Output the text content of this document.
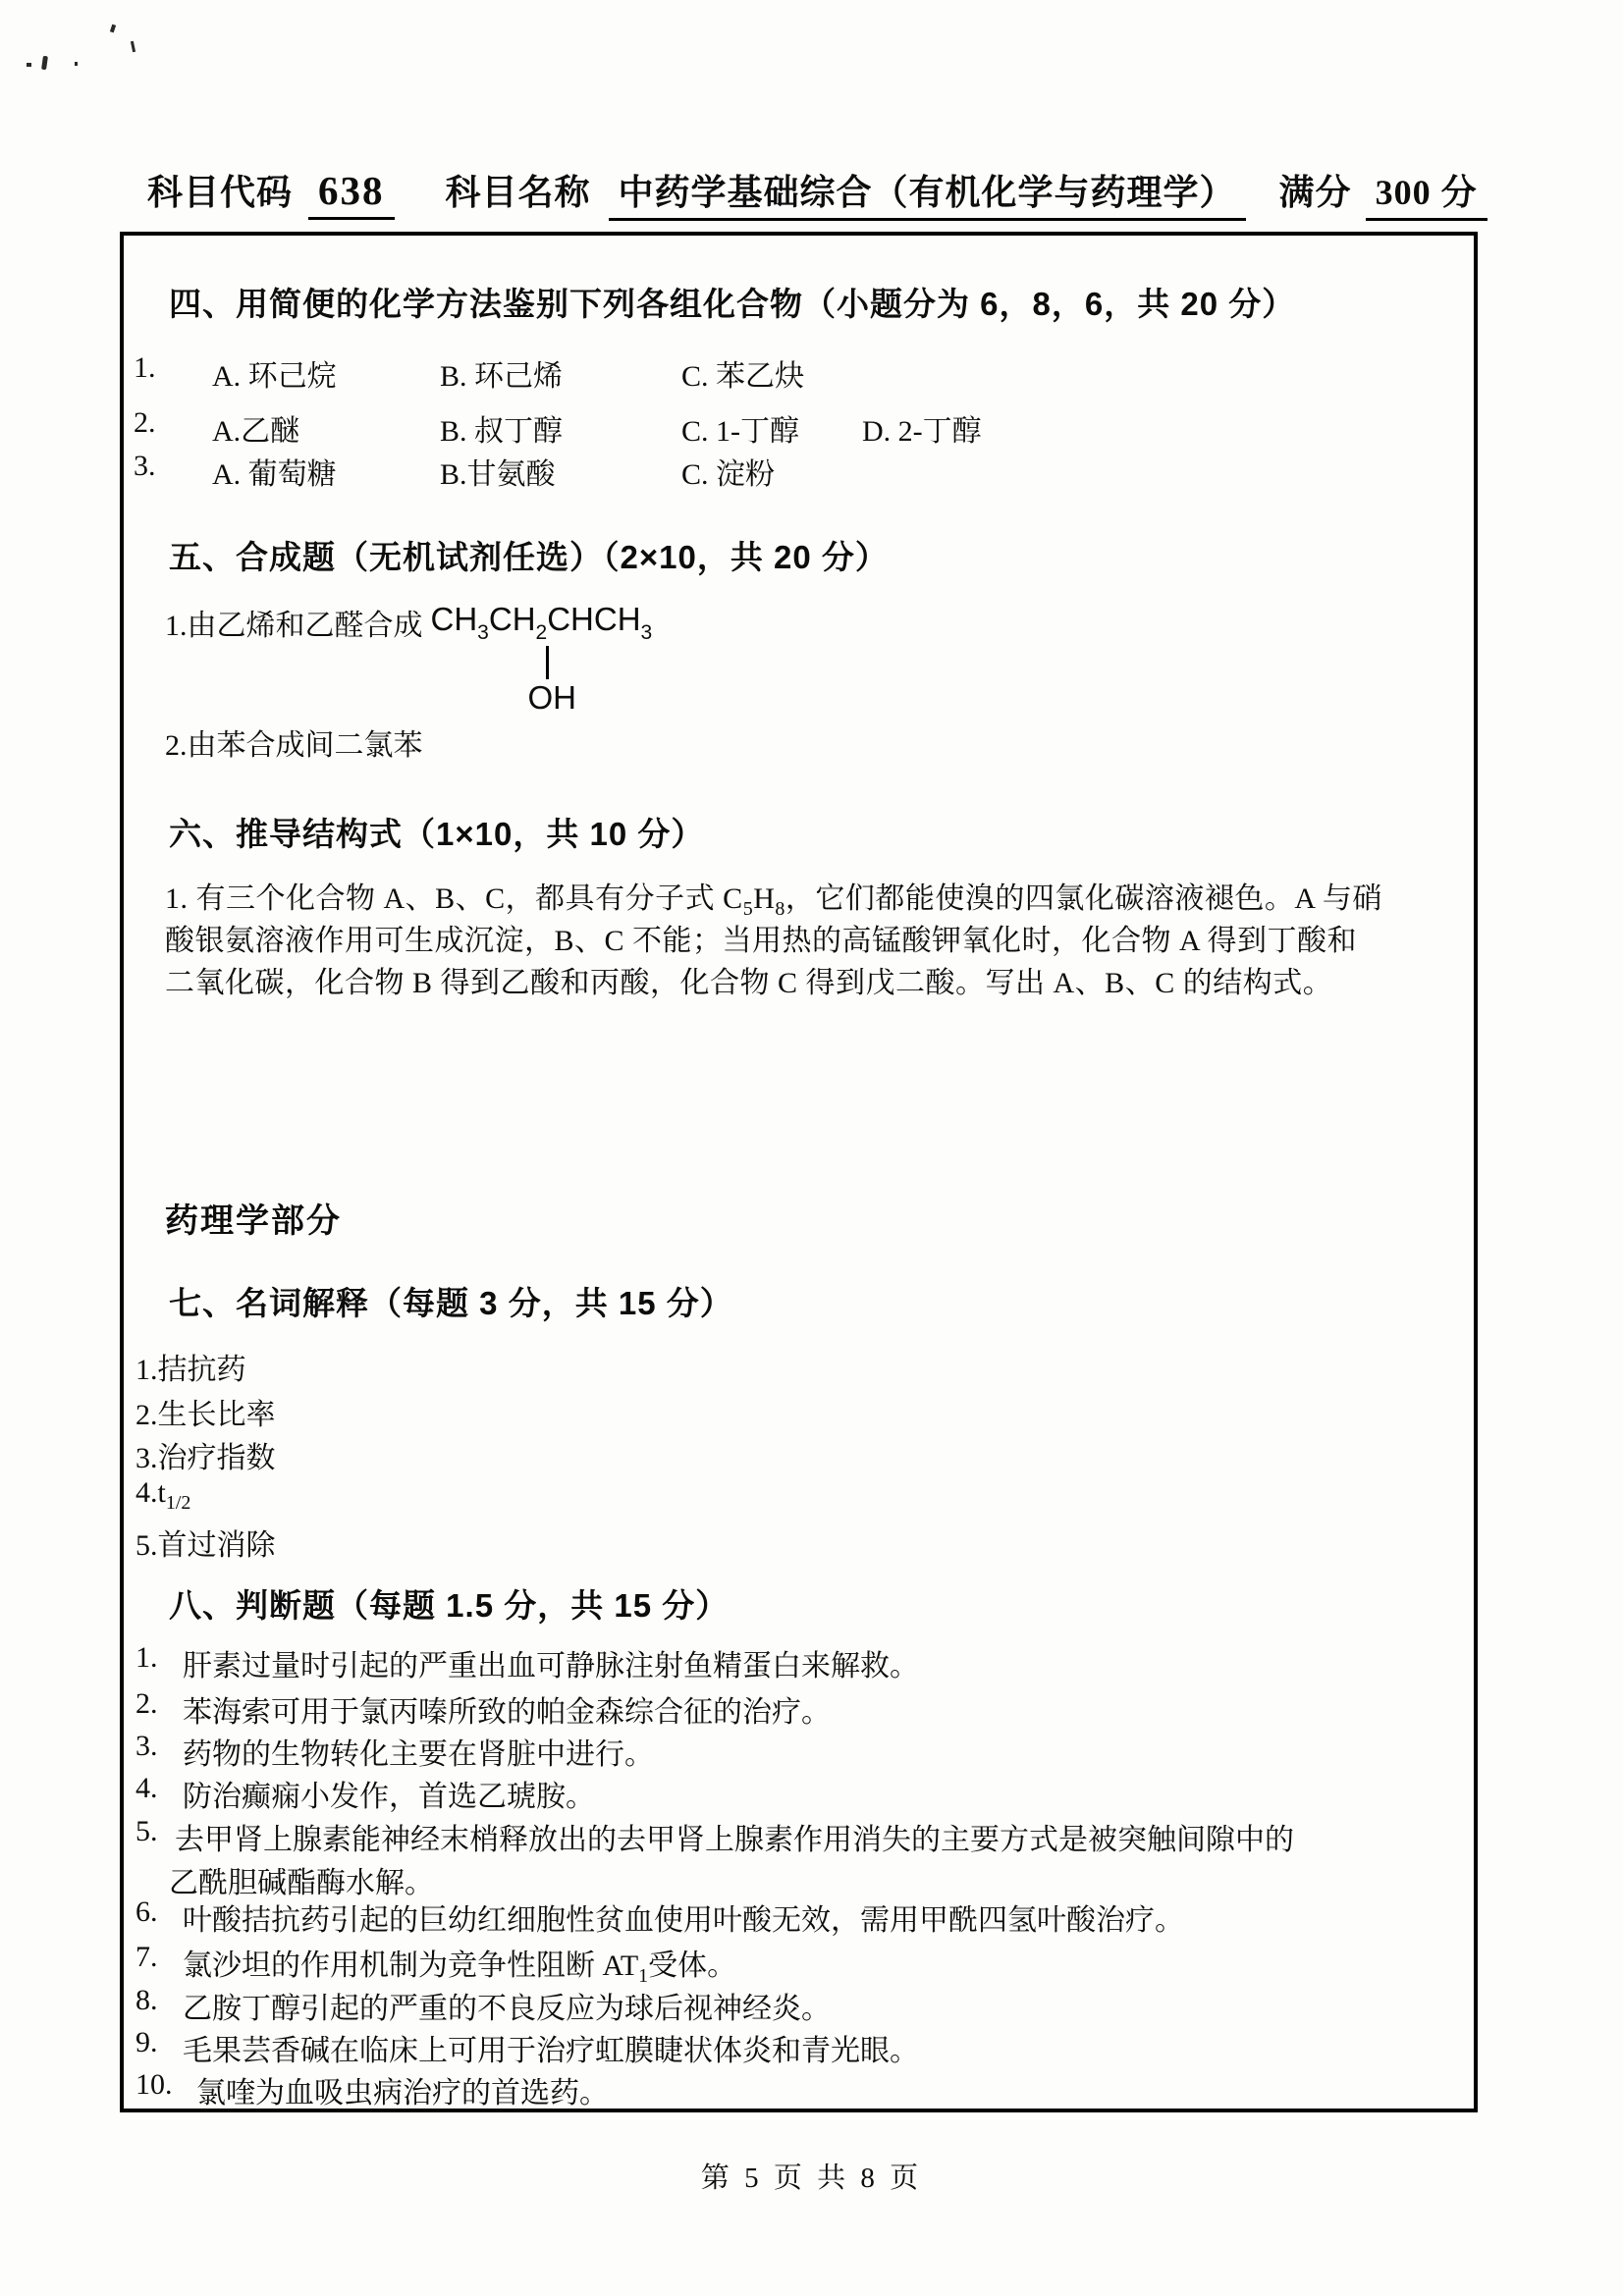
科目代码 638 科目名称 中药学基础综合（有机化学与药理学） 满分 300 分
四、用简便的化学方法鉴别下列各组化合物（小题分为 6，8，6，共 20 分）
1. A. 环己烷	B. 环己烯	C. 苯乙炔
2. A.乙醚	B. 叔丁醇	C. 1-丁醇 D. 2-丁醇
3. A. 葡萄糖	B.甘氨酸	C. 淀粉
五、合成题（无机试剂任选）（2×10，共 20 分）
1.由乙烯和乙醛合成 $CH_3CH_2CHCH_3$
OH
2.由苯合成间二氯苯
六、推导结构式（1×10，共 10 分）
1. 有三个化合物 A、B、C，都具有分子式 $C_5H_8$，它们都能使溴的四氯化碳溶液褪色。A 与硝
酸银氨溶液作用可生成沉淀，B、C 不能；当用热的高锰酸钾氧化时，化合物 A 得到丁酸和
二氧化碳，化合物 B 得到乙酸和丙酸，化合物 C 得到戊二酸。写出 A、B、C 的结构式。
药理学部分
七、名词解释（每题 3 分，共 15 分）
1.拮抗药
2.生长比率
3.治疗指数
$4.t_{1/2}$
5.首过消除
八、判断题（每题 1.5 分，共 15 分）
1. 肝素过量时引起的严重出血可静脉注射鱼精蛋白来解救。
2. 苯海索可用于氯丙嗪所致的帕金森综合征的治疗。
3. 药物的生物转化主要在肾脏中进行。
4. 防治癫痫小发作，首选乙琥胺。
5. 去甲肾上腺素能神经末梢释放出的去甲肾上腺素作用消失的主要方式是被突触间隙中的
乙酰胆碱酯酶水解。
6. 叶酸拮抗药引起的巨幼红细胞性贫血使用叶酸无效，需用甲酰四氢叶酸治疗。
7. 氯沙坦的作用机制为竞争性阻断 $AT_1$受体。
8. 乙胺丁醇引起的严重的不良反应为球后视神经炎。
9. 毛果芸香碱在临床上可用于治疗虹膜睫状体炎和青光眼。
10. 氯喹为血吸虫病治疗的首选药。
第 5 页 共 8 页
